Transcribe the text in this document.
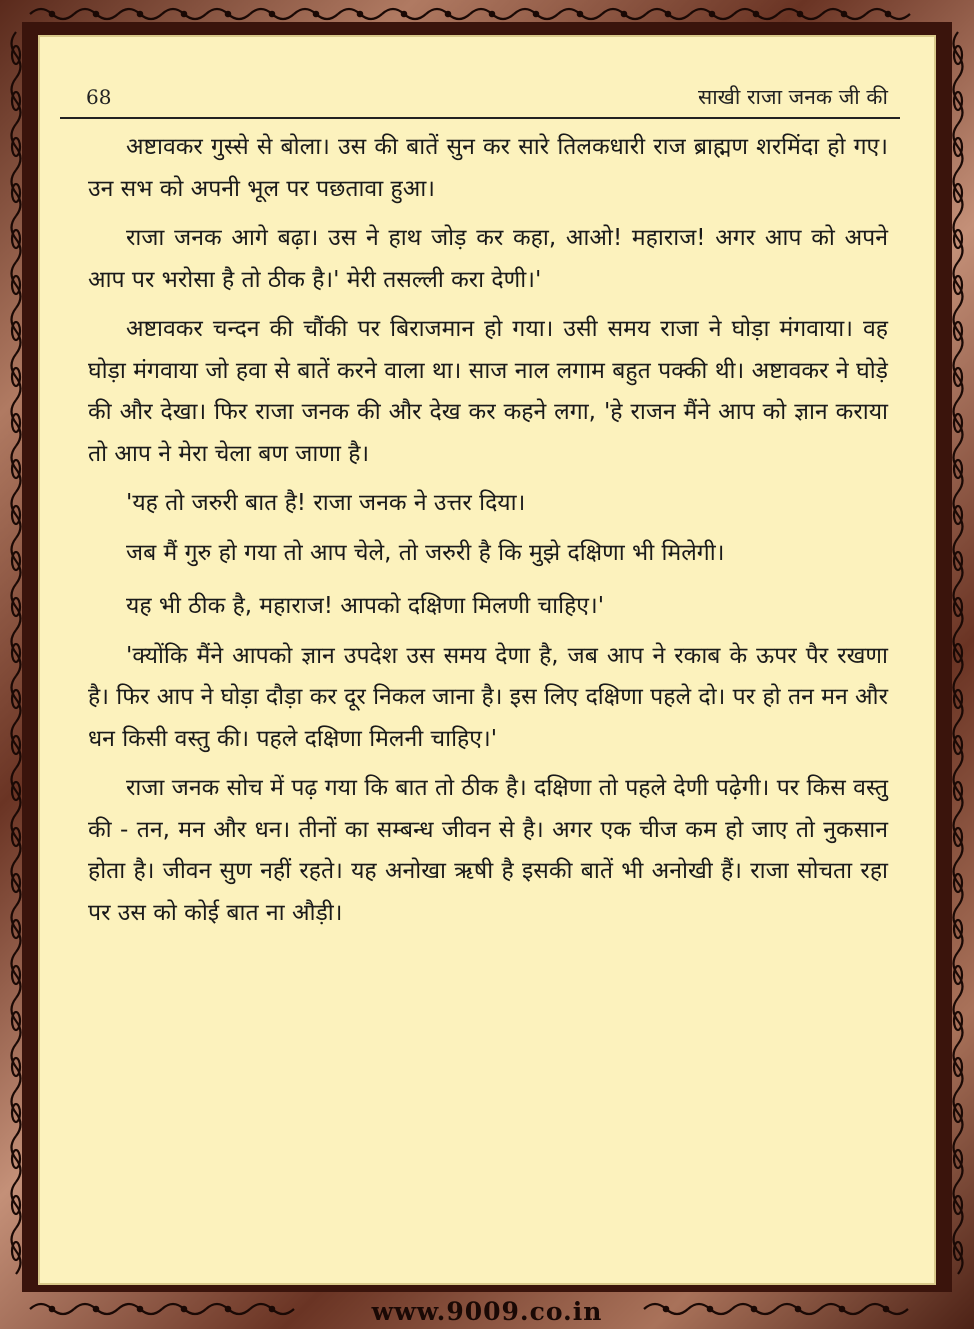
68	साखी राजा जनक जी की

अष्टावकर गुस्से से बोला। उस की बातें सुन कर सारे तिलकधारी राज ब्राह्मण शरमिंदा हो गए। उन सभ को अपनी भूल पर पछतावा हुआ।

राजा जनक आगे बढ़ा। उस ने हाथ जोड़ कर कहा, आओ! महाराज! अगर आप को अपने आप पर भरोसा है तो ठीक है।' मेरी तसल्ली करा देणी।'

अष्टावकर चन्दन की चौंकी पर बिराजमान हो गया। उसी समय राजा ने घोड़ा मंगवाया। वह घोड़ा मंगवाया जो हवा से बातें करने वाला था। साज नाल लगाम बहुत पक्की थी। अष्टावकर ने घोड़े की और देखा। फिर राजा जनक की और देख कर कहने लगा, 'हे राजन मैंने आप को ज्ञान कराया तो आप ने मेरा चेला बण जाणा है।

'यह तो जरुरी बात है! राजा जनक ने उत्तर दिया।

जब मैं गुरु हो गया तो आप चेले, तो जरुरी है कि मुझे दक्षिणा भी मिलेगी।

यह भी ठीक है, महाराज! आपको दक्षिणा मिलणी चाहिए।'

'क्योंकि मैंने आपको ज्ञान उपदेश उस समय देणा है, जब आप ने रकाब के ऊपर पैर रखणा है। फिर आप ने घोड़ा दौड़ा कर दूर निकल जाना है। इस लिए दक्षिणा पहले दो। पर हो तन मन और धन किसी वस्तु की। पहले दक्षिणा मिलनी चाहिए।'

राजा जनक सोच में पढ़ गया कि बात तो ठीक है। दक्षिणा तो पहले देणी पढ़ेगी। पर किस वस्तु की - तन, मन और धन। तीनों का सम्बन्ध जीवन से है। अगर एक चीज कम हो जाए तो नुकसान होता है। जीवन सुण नहीं रहते। यह अनोखा ऋषी है इसकी बातें भी अनोखी हैं। राजा सोचता रहा पर उस को कोई बात ना औड़ी।

www.9009.co.in
